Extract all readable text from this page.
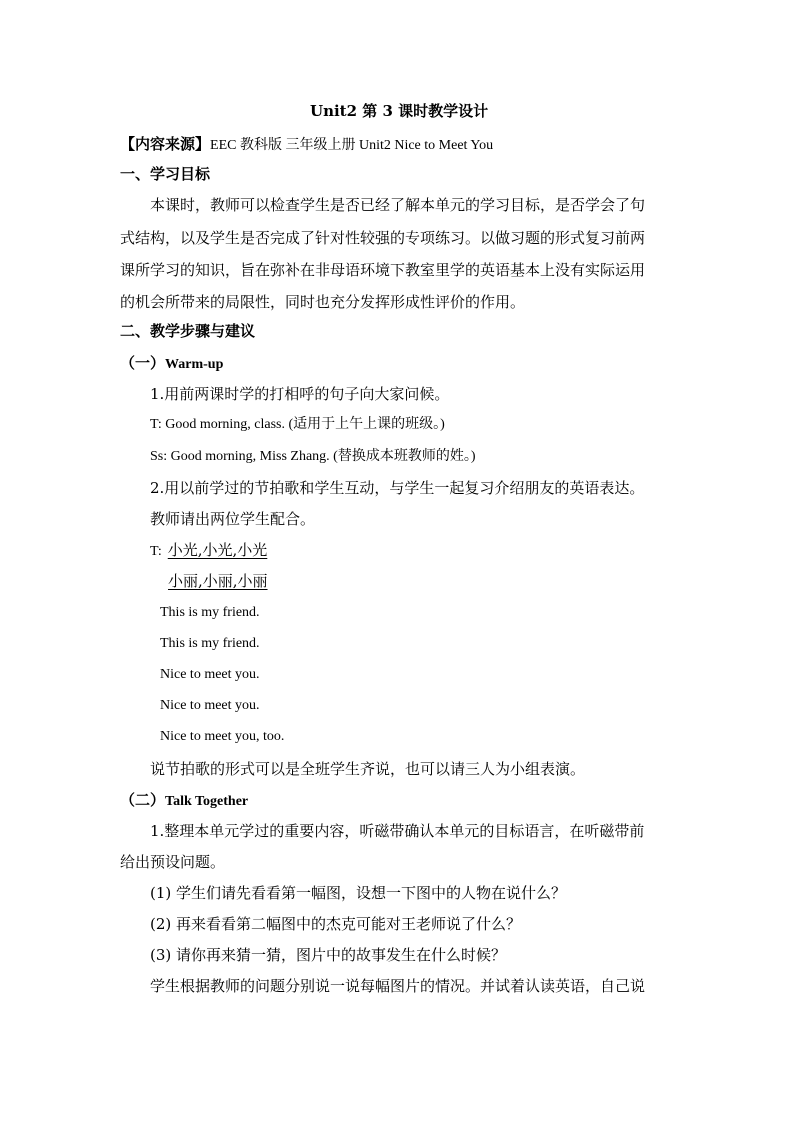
Unit2 第 3 课时教学设计
【内容来源】EEC 教科版 三年级上册 Unit2 Nice to Meet You
一、学习目标
本课时，教师可以检查学生是否已经了解本单元的学习目标，是否学会了句
式结构，以及学生是否完成了针对性较强的专项练习。以做习题的形式复习前两
课所学习的知识，旨在弥补在非母语环境下教室里学的英语基本上没有实际运用
的机会所带来的局限性，同时也充分发挥形成性评价的作用。
二、教学步骤与建议
（一）Warm-up
1.用前两课时学的打相呼的句子向大家问候。
T: Good morning, class. (适用于上午上课的班级。)
Ss: Good morning, Miss Zhang. (替换成本班教师的姓。)
2.用以前学过的节拍歌和学生互动，与学生一起复习介绍朋友的英语表达。
教师请出两位学生配合。
T: 小光,小光,小光
小丽,小丽,小丽
This is my friend.
This is my friend.
Nice to meet you.
Nice to meet you.
Nice to meet you, too.
说节拍歌的形式可以是全班学生齐说，也可以请三人为小组表演。
（二）Talk Together
1.整理本单元学过的重要内容，听磁带确认本单元的目标语言，在听磁带前
给出预设问题。
(1) 学生们请先看看第一幅图，设想一下图中的人物在说什么？
(2) 再来看看第二幅图中的杰克可能对王老师说了什么？
(3) 请你再来猜一猜，图片中的故事发生在什么时候？
学生根据教师的问题分别说一说每幅图片的情况。并试着认读英语，自己说
